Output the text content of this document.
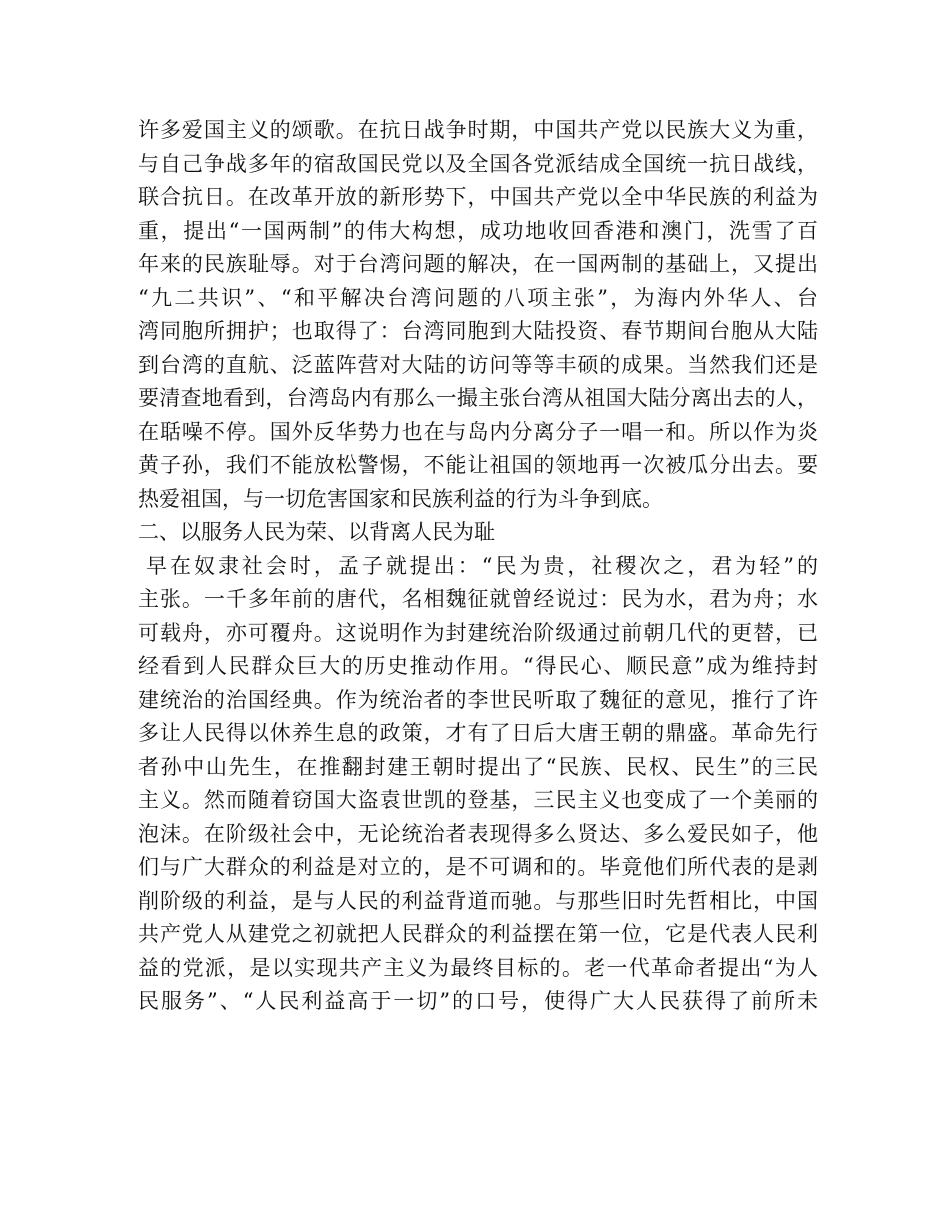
许多爱国主义的颂歌。在抗日战争时期，中国共产党以民族大义为重，
与自己争战多年的宿敌国民党以及全国各党派结成全国统一抗日战线，
联合抗日。在改革开放的新形势下，中国共产党以全中华民族的利益为
重，提出“一国两制”的伟大构想，成功地收回香港和澳门，洗雪了百
年来的民族耻辱。对于台湾问题的解决，在一国两制的基础上，又提出
“九二共识”、“和平解决台湾问题的八项主张”，为海内外华人、台
湾同胞所拥护；也取得了：台湾同胞到大陆投资、春节期间台胞从大陆
到台湾的直航、泛蓝阵营对大陆的访问等等丰硕的成果。当然我们还是
要清查地看到，台湾岛内有那么一撮主张台湾从祖国大陆分离出去的人，
在聒噪不停。国外反华势力也在与岛内分离分子一唱一和。所以作为炎
黄子孙，我们不能放松警惕，不能让祖国的领地再一次被瓜分出去。要
热爱祖国，与一切危害国家和民族利益的行为斗争到底。
二、以服务人民为荣、以背离人民为耻
早在奴隶社会时，孟子就提出：“民为贵，社稷次之，君为轻”的
主张。一千多年前的唐代，名相魏征就曾经说过：民为水，君为舟；水
可载舟，亦可覆舟。这说明作为封建统治阶级通过前朝几代的更替，已
经看到人民群众巨大的历史推动作用。“得民心、顺民意”成为维持封
建统治的治国经典。作为统治者的李世民听取了魏征的意见，推行了许
多让人民得以休养生息的政策，才有了日后大唐王朝的鼎盛。革命先行
者孙中山先生，在推翻封建王朝时提出了“民族、民权、民生”的三民
主义。然而随着窃国大盗袁世凯的登基，三民主义也变成了一个美丽的
泡沫。在阶级社会中，无论统治者表现得多么贤达、多么爱民如子，他
们与广大群众的利益是对立的，是不可调和的。毕竟他们所代表的是剥
削阶级的利益，是与人民的利益背道而驰。与那些旧时先哲相比，中国
共产党人从建党之初就把人民群众的利益摆在第一位，它是代表人民利
益的党派，是以实现共产主义为最终目标的。老一代革命者提出“为人
民服务”、“人民利益高于一切”的口号，使得广大人民获得了前所未
